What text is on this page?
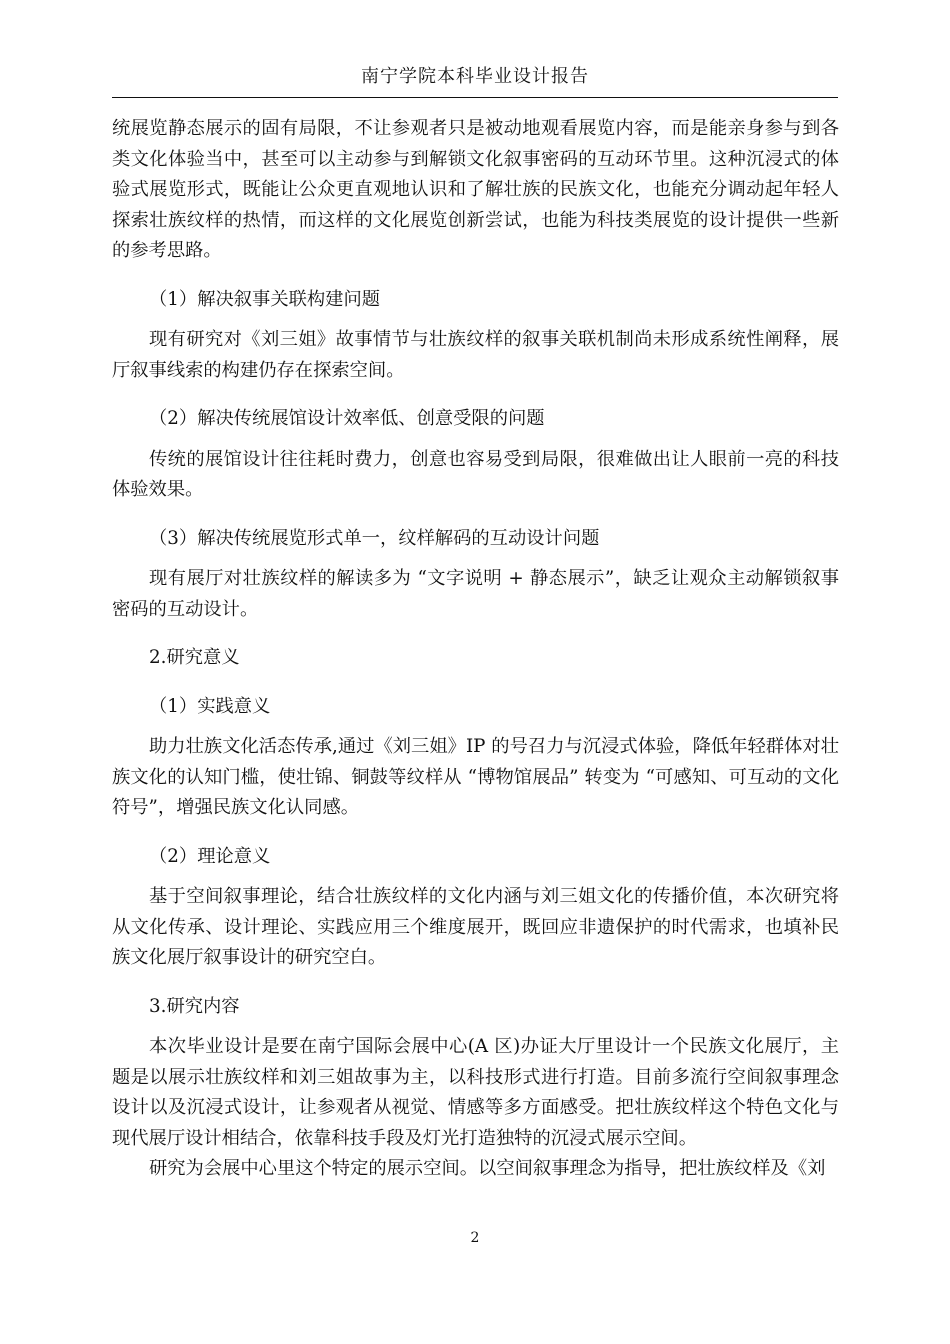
南宁学院本科毕业设计报告

统展览静态展示的固有局限，不让参观者只是被动地观看展览内容，而是能亲身参与到各类文化体验当中，甚至可以主动参与到解锁文化叙事密码的互动环节里。这种沉浸式的体验式展览形式，既能让公众更直观地认识和了解壮族的民族文化，也能充分调动起年轻人探索壮族纹样的热情，而这样的文化展览创新尝试，也能为科技类展览的设计提供一些新的参考思路。

（1）解决叙事关联构建问题

现有研究对《刘三姐》故事情节与壮族纹样的叙事关联机制尚未形成系统性阐释，展厅叙事线索的构建仍存在探索空间。

（2）解决传统展馆设计效率低、创意受限的问题

传统的展馆设计往往耗时费力，创意也容易受到局限，很难做出让人眼前一亮的科技体验效果。

（3）解决传统展览形式单一，纹样解码的互动设计问题

现有展厅对壮族纹样的解读多为 “文字说明 + 静态展示”，缺乏让观众主动解锁叙事密码的互动设计。

2.研究意义

（1）实践意义

助力壮族文化活态传承,通过《刘三姐》IP 的号召力与沉浸式体验，降低年轻群体对壮族文化的认知门槛，使壮锦、铜鼓等纹样从 “博物馆展品” 转变为 “可感知、可互动的文化符号”，增强民族文化认同感。

（2）理论意义

基于空间叙事理论，结合壮族纹样的文化内涵与刘三姐文化的传播价值，本次研究将从文化传承、设计理论、实践应用三个维度展开，既回应非遗保护的时代需求，也填补民族文化展厅叙事设计的研究空白。

3.研究内容

本次毕业设计是要在南宁国际会展中心(A 区)办证大厅里设计一个民族文化展厅，主题是以展示壮族纹样和刘三姐故事为主，以科技形式进行打造。目前多流行空间叙事理念设计以及沉浸式设计，让参观者从视觉、情感等多方面感受。把壮族纹样这个特色文化与现代展厅设计相结合，依靠科技手段及灯光打造独特的沉浸式展示空间。

研究为会展中心里这个特定的展示空间。以空间叙事理念为指导，把壮族纹样及《刘

2
